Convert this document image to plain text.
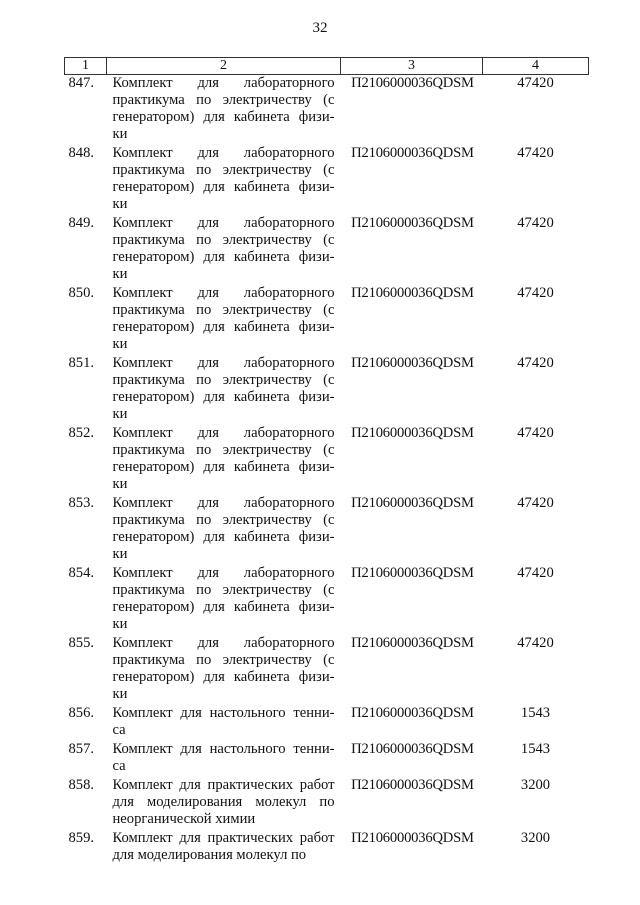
32
1	2	3	4
847.	Комплект для лабораторного
практикума по электричеству (с
генератором) для кабинета физи-
ки	П2106000036QDSM	47420
848.	Комплект для лабораторного
практикума по электричеству (с
генератором) для кабинета физи-
ки	П2106000036QDSM	47420
849.	Комплект для лабораторного
практикума по электричеству (с
генератором) для кабинета физи-
ки	П2106000036QDSM	47420
850.	Комплект для лабораторного
практикума по электричеству (с
генератором) для кабинета физи-
ки	П2106000036QDSM	47420
851.	Комплект для лабораторного
практикума по электричеству (с
генератором) для кабинета физи-
ки	П2106000036QDSM	47420
852.	Комплект для лабораторного
практикума по электричеству (с
генератором) для кабинета физи-
ки	П2106000036QDSM	47420
853.	Комплект для лабораторного
практикума по электричеству (с
генератором) для кабинета физи-
ки	П2106000036QDSM	47420
854.	Комплект для лабораторного
практикума по электричеству (с
генератором) для кабинета физи-
ки	П2106000036QDSM	47420
855.	Комплект для лабораторного
практикума по электричеству (с
генератором) для кабинета физи-
ки	П2106000036QDSM	47420
856.	Комплект для настольного тенни-
са	П2106000036QDSM	1543
857.	Комплект для настольного тенни-
са	П2106000036QDSM	1543
858.	Комплект для практических работ
для моделирования молекул по
неорганической химии	П2106000036QDSM	3200
859.	Комплект для практических работ
для моделирования молекул по	П2106000036QDSM	3200
